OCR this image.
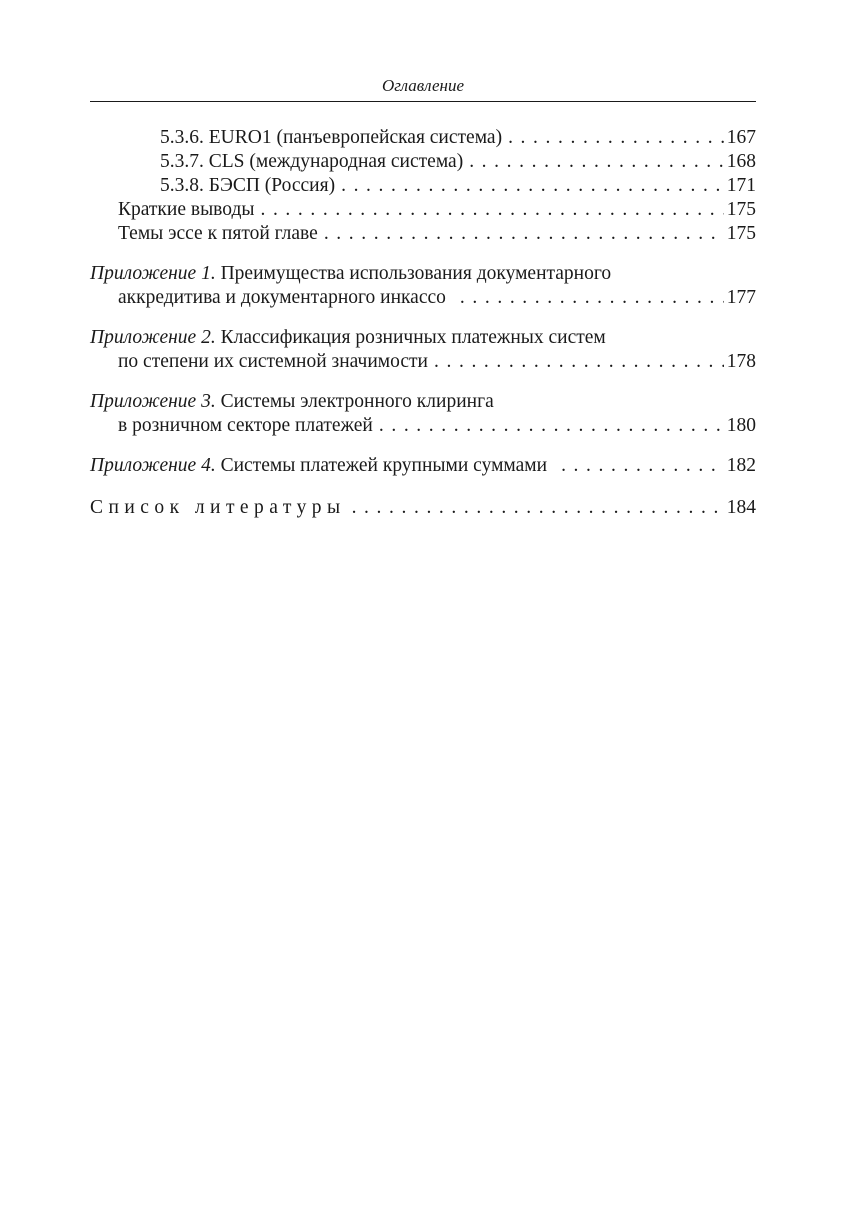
Оглавление
5.3.6. EURO1 (панъевропейская система) . . .	167
5.3.7. CLS (международная система) . . .	168
5.3.8. БЭСП (Россия) . . .	171
Краткие выводы . . .	175
Темы эссе к пятой главе . . .	175
Приложение 1. Преимущества использования документарного
аккредитива и документарного инкассо . . .	177
Приложение 2. Классификация розничных платежных систем
по степени их системной значимости . . .	178
Приложение 3. Системы электронного клиринга
в розничном секторе платежей . . .	180
Приложение 4. Системы платежей крупными суммами . . .	182
Список литературы . . .	184
